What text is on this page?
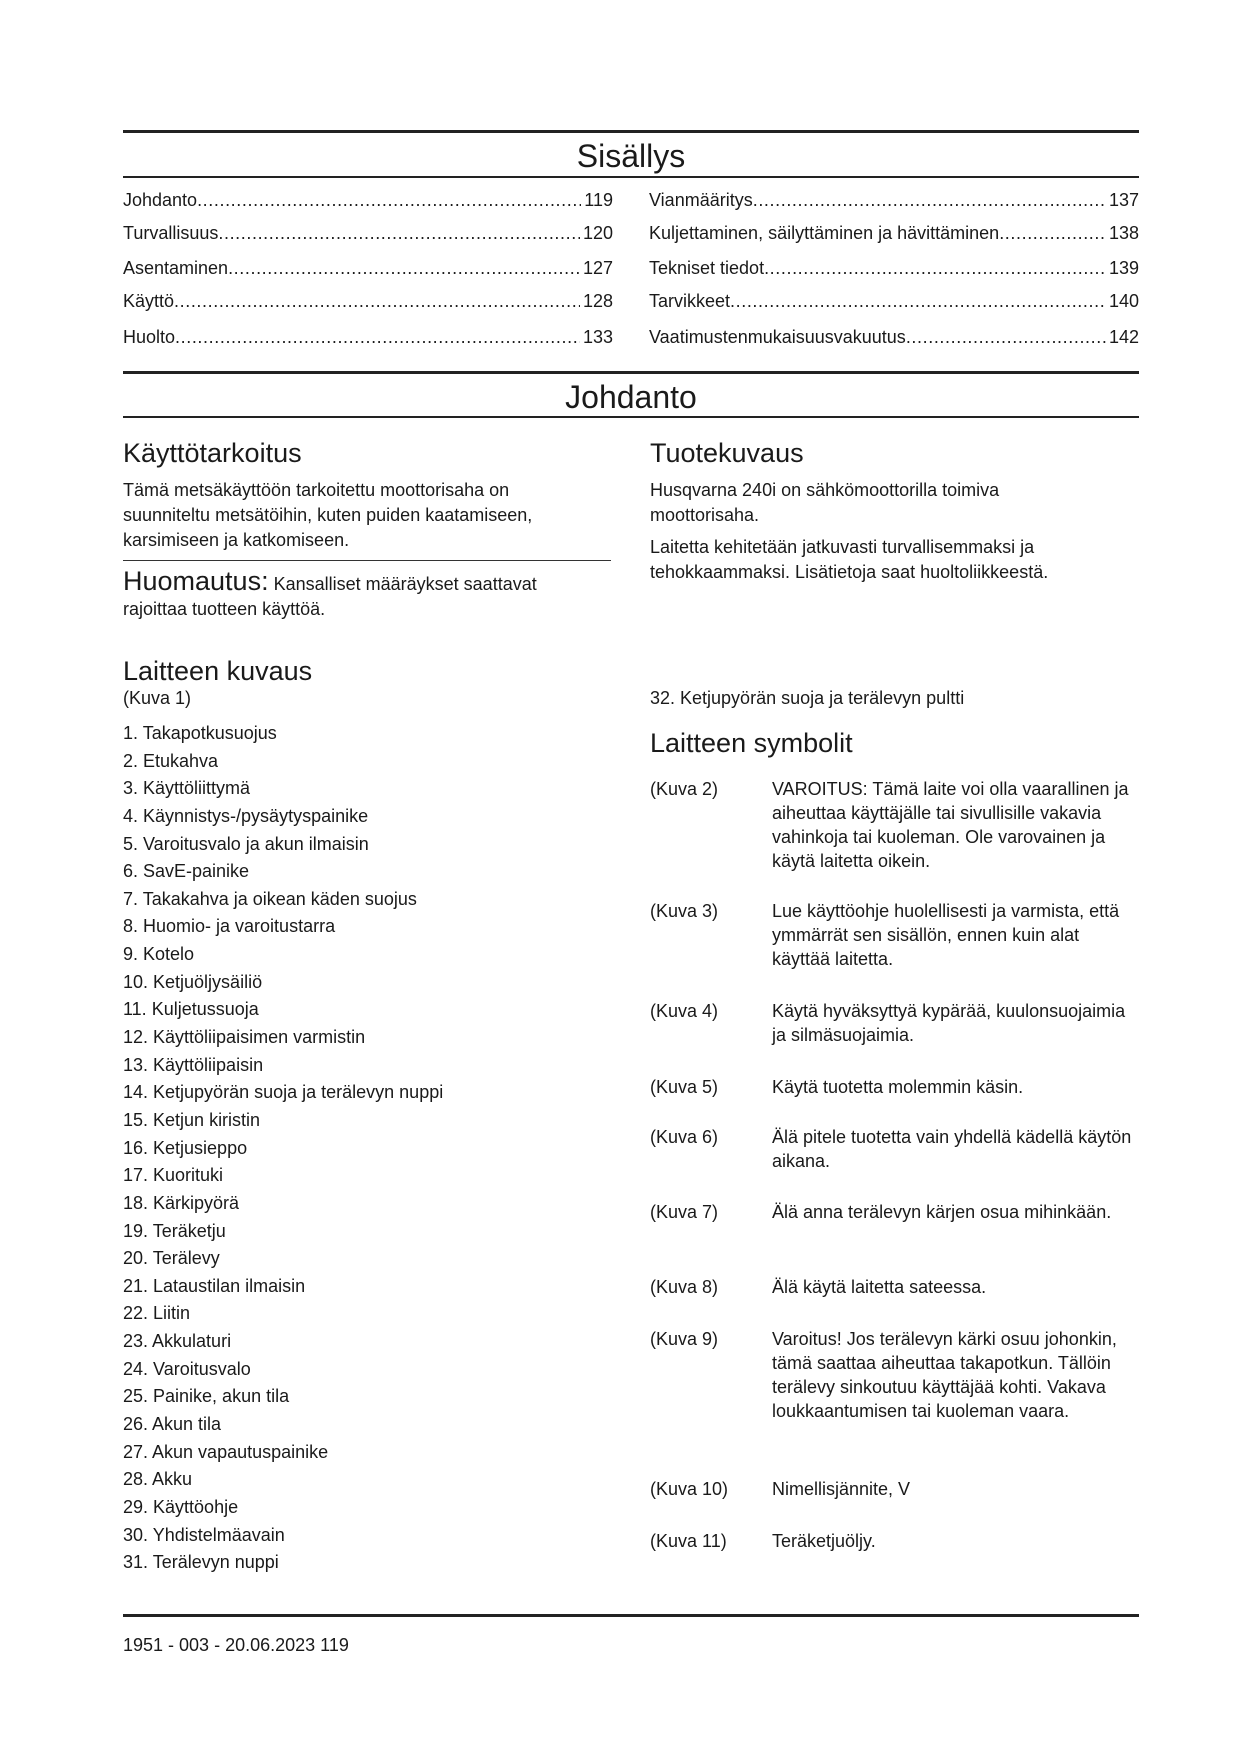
Sisällys
Johdanto .....	119
Turvallisuus .....	120
Asentaminen .....	127
Käyttö .....	128
Huolto .....	133
Vianmääritys .....	137
Kuljettaminen, säilyttäminen ja hävittäminen .....	138
Tekniset tiedot .....	139
Tarvikkeet .....	140
Vaatimustenmukaisuusvakuutus .....	142
Johdanto
Käyttötarkoitus

Tämä metsäkäyttöön tarkoitettu moottorisaha on suunniteltu metsätöihin, kuten puiden kaatamiseen, karsimiseen ja katkomiseen.

Huomautus: Kansalliset määräykset saattavat rajoittaa tuotteen käyttöä.

Laitteen kuvaus

(Kuva 1)

1. Takapotkusuojus
2. Etukahva
3. Käyttöliittymä
4. Käynnistys-/pysäytyspainike
5. Varoitusvalo ja akun ilmaisin
6. SavE-painike
7. Takakahva ja oikean käden suojus
8. Huomio- ja varoitustarra
9. Kotelo
10. Ketjuöljysäiliö
11. Kuljetussuoja
12. Käyttöliipaisimen varmistin
13. Käyttöliipaisin
14. Ketjupyörän suoja ja terälevyn nuppi
15. Ketjun kiristin
16. Ketjusieppo
17. Kuorituki
18. Kärkipyörä
19. Teräketju
20. Terälevy
21. Lataustilan ilmaisin
22. Liitin
23. Akkulaturi
24. Varoitusvalo
25. Painike, akun tila
26. Akun tila
27. Akun vapautuspainike
28. Akku
29. Käyttöohje
30. Yhdistelmäavain
31. Terälevyn nuppi
Tuotekuvaus

Husqvarna 240i on sähkömoottorilla toimiva moottorisaha.

Laitetta kehitetään jatkuvasti turvallisemmaksi ja tehokkaammaksi. Lisätietoja saat huoltoliikkeestä.

32. Ketjupyörän suoja ja terälevyn pultti

Laitteen symbolit
(Kuva 2)	VAROITUS: Tämä laite voi olla vaarallinen ja aiheuttaa käyttäjälle tai sivullisille vakavia vahinkoja tai kuoleman. Ole varovainen ja käytä laitetta oikein.
(Kuva 3)	Lue käyttöohje huolellisesti ja varmista, että ymmärrät sen sisällön, ennen kuin alat käyttää laitetta.
(Kuva 4)	Käytä hyväksyttyä kypärää, kuulonsuojaimia ja silmäsuojaimia.
(Kuva 5)	Käytä tuotetta molemmin käsin.
(Kuva 6)	Älä pitele tuotetta vain yhdellä kädellä käytön aikana.
(Kuva 7)	Älä anna terälevyn kärjen osua mihinkään.
(Kuva 8)	Älä käytä laitetta sateessa.
(Kuva 9)	Varoitus! Jos terälevyn kärki osuu johonkin, tämä saattaa aiheuttaa takapotkun. Tällöin terälevy sinkoutuu käyttäjää kohti. Vakava loukkaantumisen tai kuoleman vaara.
(Kuva 10) Nimellisjännite, V
(Kuva 11)	Teräketjuöljy.
1951 - 003 - 20.06.2023 119
